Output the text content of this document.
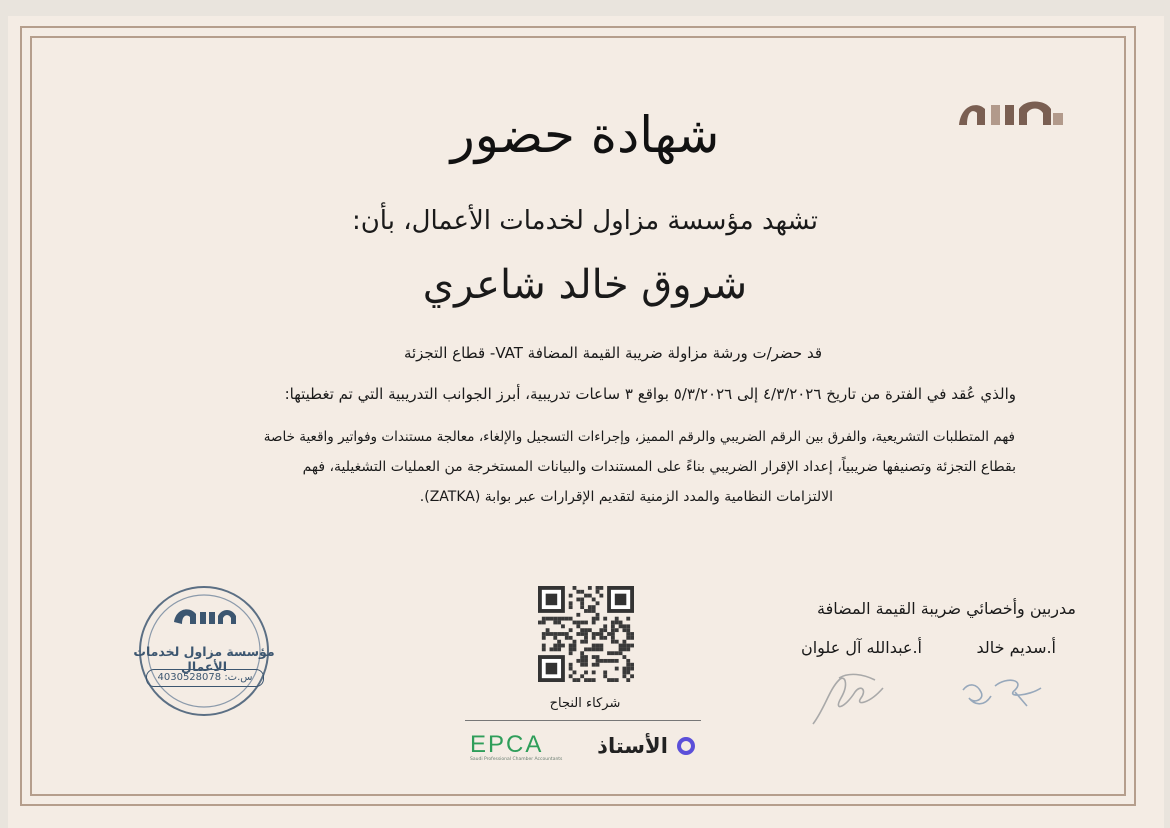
شهادة حضور
تشهد مؤسسة مزاول لخدمات الأعمال، بأن:
شروق خالد شاعري
قد حضر/ت ورشة مزاولة ضريبة القيمة المضافة VAT- قطاع التجزئة
والذي عُقد في الفترة من تاريخ ٤/٣/٢٠٢٦ إلى ٥/٣/٢٠٢٦ بواقع ٣ ساعات تدريبية، أبرز الجوانب التدريبية التي تم تغطيتها:
فهم المتطلبات التشريعية، والفرق بين الرقم الضريبي والرقم المميز، وإجراءات التسجيل والإلغاء، معالجة مستندات وفواتير واقعية خاصة
بقطاع التجزئة وتصنيفها ضريبياً، إعداد الإقرار الضريبي بناءً على المستندات والبيانات المستخرجة من العمليات التشغيلية، فهم
الالتزامات النظامية والمدد الزمنية لتقديم الإقرارات عبر بوابة (ZATKA).
مؤسسة مزاول لخدمات الأعمال
س.ت: 4030528078
شركاء النجاح
EPCA
Saudi Professional Chamber Accountants
الأستاذ
مدربين وأخصائي ضريبة القيمة المضافة
أ.سديم خالد
أ.عبدالله آل علوان
